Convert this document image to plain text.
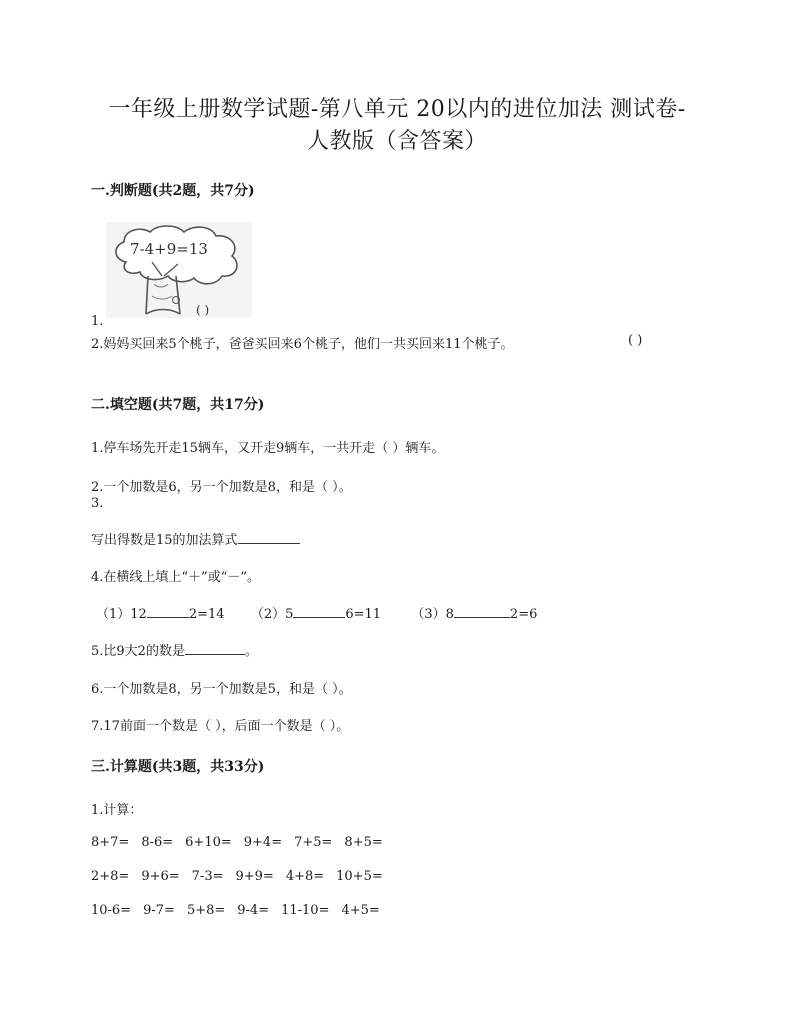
一年级上册数学试题-第八单元 20以内的进位加法 测试卷-
人教版（含答案）
一.判断题(共2题，共7分)
7-4+9=13
( )
1.
2.妈妈买回来5个桃子，爸爸买回来6个桃子，他们一共买回来11个桃子。	( )
二.填空题(共7题，共17分)
1.停车场先开走15辆车，又开走9辆车，一共开走（ ）辆车。
2.一个加数是6，另一个加数是8，和是（ ）。
3.
写出得数是15的加法算式
4.在横线上填上“＋”或“－”。
（1）12	2=14 （2）5	6=11 （3）8	2=6
5.比9大2的数是	。
6.一个加数是8，另一个加数是5，和是（ ）。
7.17前面一个数是（ ），后面一个数是（ ）。
三.计算题(共3题，共33分)
1.计算：
8+7= 8-6= 6+10= 9+4= 7+5= 8+5=
2+8= 9+6= 7-3= 9+9= 4+8= 10+5=
10-6= 9-7= 5+8= 9-4= 11-10= 4+5=
